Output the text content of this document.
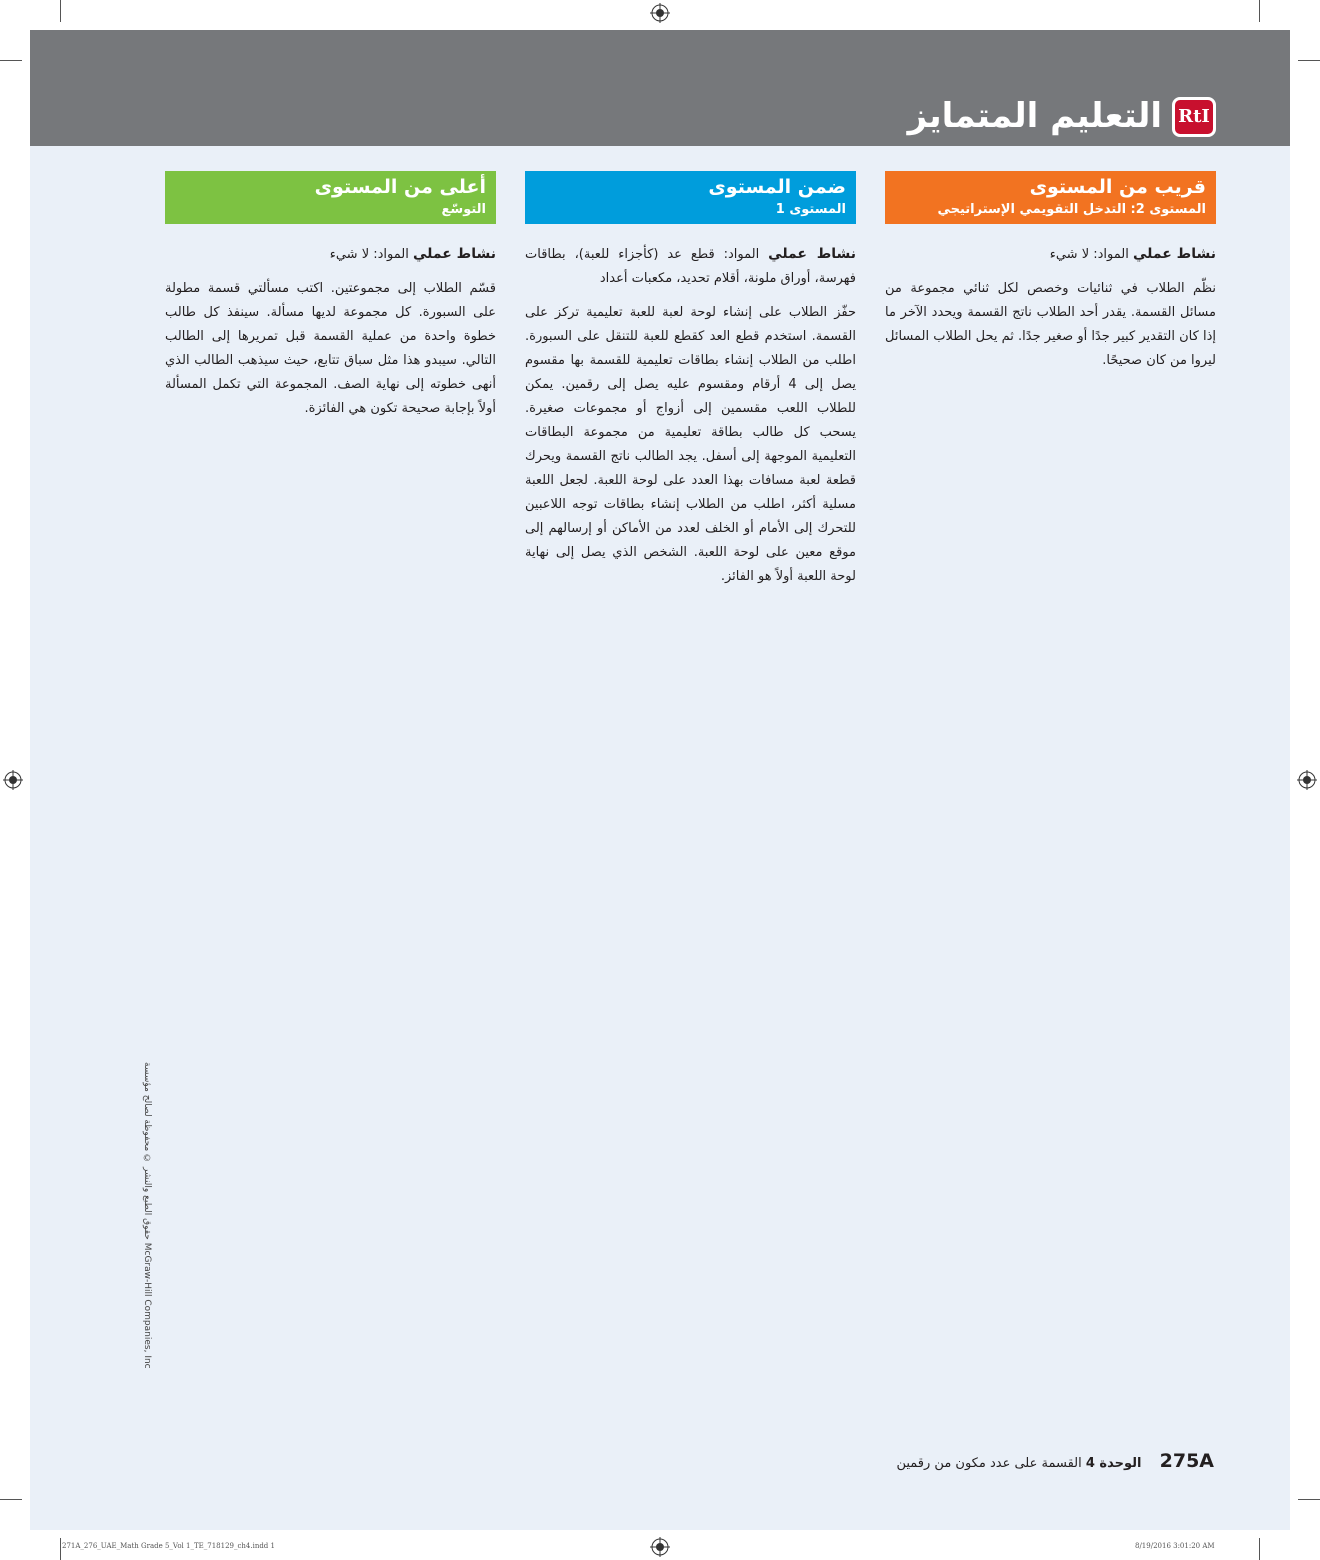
التعليم المتمايز RtI
قريب من المستوى
المستوى 2: التدخل التقويمي الإستراتيجي
ضمن المستوى
المستوى 1
أعلى من المستوى
التوسّع

نشاط عملي المواد: لا شيء

نظّم الطلاب في ثنائيات وخصص لكل ثنائي مجموعة من مسائل القسمة. يقدر أحد الطلاب ناتج القسمة ويحدد الآخر ما إذا كان التقدير كبير جدًا أو صغير جدًا. ثم يحل الطلاب المسائل ليروا من كان صحيحًا.

نشاط عملي المواد: قطع عد (كأجزاء للعبة)، بطاقات فهرسة، أوراق ملونة، أقلام تحديد، مكعبات أعداد

حفّز الطلاب على إنشاء لوحة لعبة للعبة تعليمية تركز على القسمة. استخدم قطع العد كقطع للعبة للتنقل على السبورة. اطلب من الطلاب إنشاء بطاقات تعليمية للقسمة بها مقسوم يصل إلى 4 أرقام ومقسوم عليه يصل إلى رقمين. يمكن للطلاب اللعب مقسمين إلى أزواج أو مجموعات صغيرة. يسحب كل طالب بطاقة تعليمية من مجموعة البطاقات التعليمية الموجهة إلى أسفل. يجد الطالب ناتج القسمة ويحرك قطعة لعبة مسافات بهذا العدد على لوحة اللعبة. لجعل اللعبة مسلية أكثر، اطلب من الطلاب إنشاء بطاقات توجه اللاعبين للتحرك إلى الأمام أو الخلف لعدد من الأماكن أو إرسالهم إلى موقع معين على لوحة اللعبة. الشخص الذي يصل إلى نهاية لوحة اللعبة أولاً هو الفائز.

نشاط عملي المواد: لا شيء

قسّم الطلاب إلى مجموعتين. اكتب مسألتي قسمة مطولة على السبورة. كل مجموعة لديها مسألة. سينفذ كل طالب خطوة واحدة من عملية القسمة قبل تمريرها إلى الطالب التالي. سيبدو هذا مثل سباق تتابع، حيث سيذهب الطالب الذي أنهى خطوته إلى نهاية الصف. المجموعة التي تكمل المسألة أولاً بإجابة صحيحة تكون هي الفائزة.

275A الوحدة 4 القسمة على عدد مكون من رقمين
حقوق الطبع والنشر © محفوظة لصالح مؤسسة McGraw-Hill Companies, Inc
271A_276_UAE_Math Grade 5_Vol 1_TE_718129_ch4.indd 1	8/19/2016 3:01:20 AM
